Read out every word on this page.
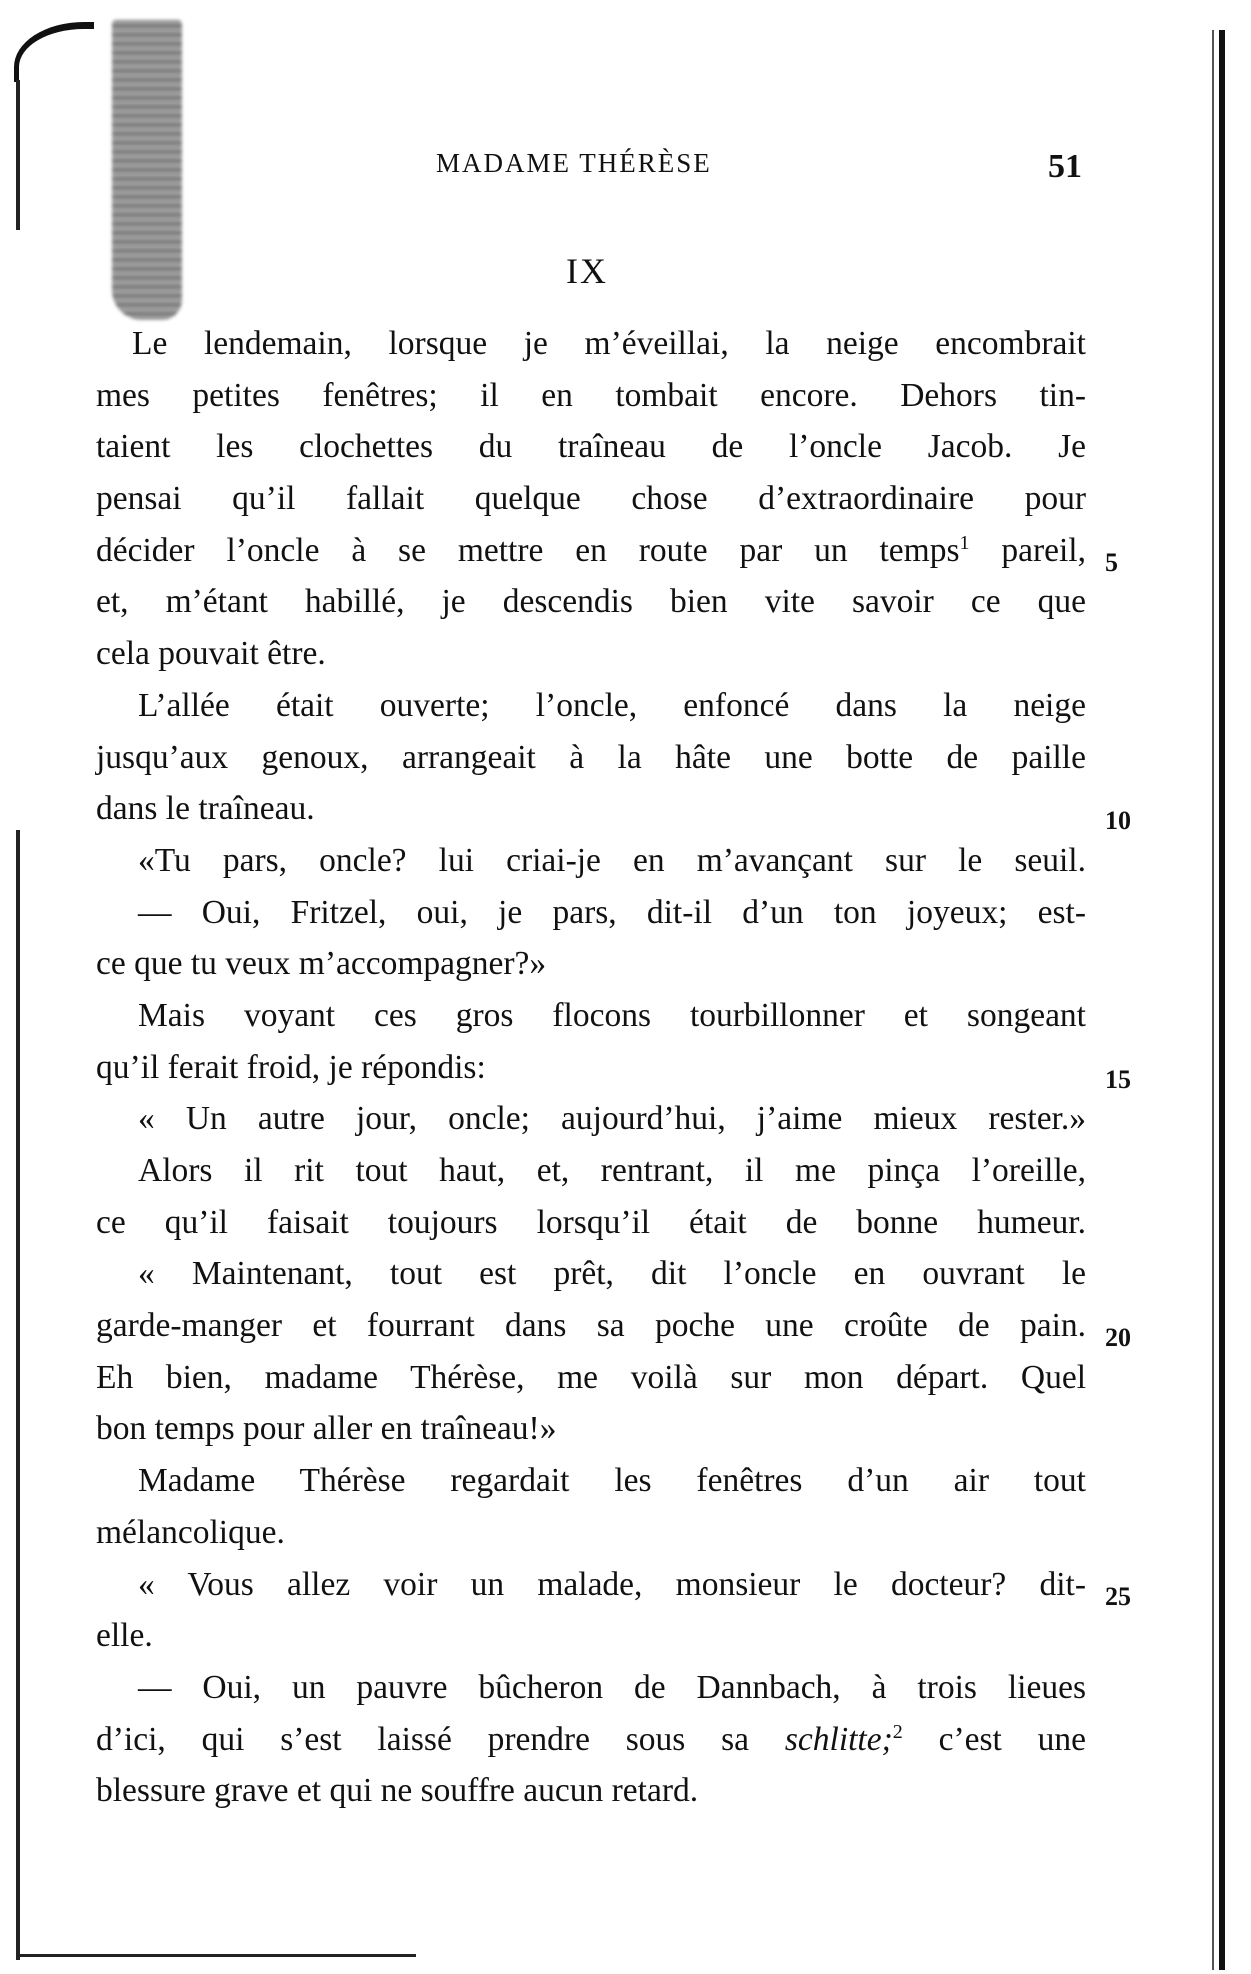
MADAME THÉRÈSE	51
IX
Le lendemain, lorsque je m’éveillai, la neige encombrait
mes petites fenêtres; il en tombait encore. Dehors tin-
taient les clochettes du traîneau de l’oncle Jacob. Je
pensai qu’il fallait quelque chose d’extraordinaire pour
décider l’oncle à se mettre en route par un temps$^1$ pareil,
et, m’étant habillé, je descendis bien vite savoir ce que
cela pouvait être.
L’allée était ouverte; l’oncle, enfoncé dans la neige
jusqu’aux genoux, arrangeait à la hâte une botte de paille
dans le traîneau.
«Tu pars, oncle? lui criai-je en m’avançant sur le seuil.
— Oui, Fritzel, oui, je pars, dit-il d’un ton joyeux; est-
ce que tu veux m’accompagner?»
Mais voyant ces gros flocons tourbillonner et songeant
qu’il ferait froid, je répondis:
« Un autre jour, oncle; aujourd’hui, j’aime mieux rester.»
Alors il rit tout haut, et, rentrant, il me pinça l’oreille,
ce qu’il faisait toujours lorsqu’il était de bonne humeur.
« Maintenant, tout est prêt, dit l’oncle en ouvrant le
garde-manger et fourrant dans sa poche une croûte de pain.
Eh bien, madame Thérèse, me voilà sur mon départ. Quel
bon temps pour aller en traîneau!»
Madame Thérèse regardait les fenêtres d’un air tout
mélancolique.
« Vous allez voir un malade, monsieur le docteur? dit-
elle.
— Oui, un pauvre bûcheron de Dannbach, à trois lieues
d’ici, qui s’est laissé prendre sous sa schlitte;$^2$ c’est une
blessure grave et qui ne souffre aucun retard.
5
10
15
20
25
